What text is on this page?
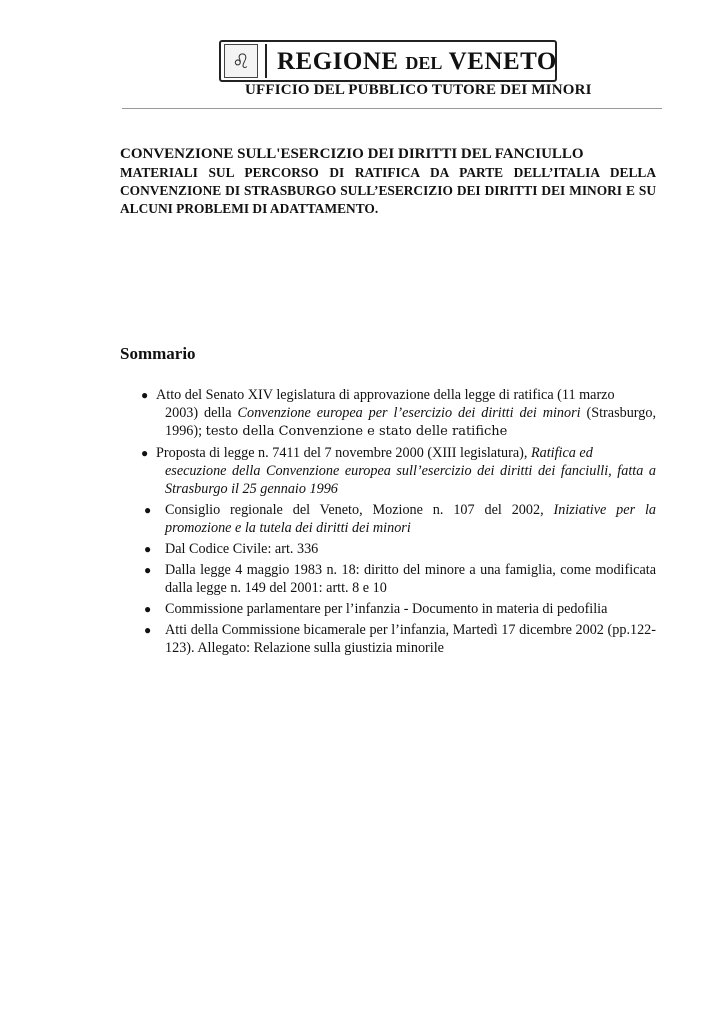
♌	REGIONE DEL VENETO
UFFICIO DEL PUBBLICO TUTORE DEI MINORI
CONVENZIONE SULL'ESERCIZIO DEI DIRITTI DEL FANCIULLO
MATERIALI SUL PERCORSO DI RATIFICA DA PARTE DELL’ITALIA DELLA CONVENZIONE DI STRASBURGO SULL’ESERCIZIO DEI DIRITTI DEI MINORI E SU ALCUNI PROBLEMI DI ADATTAMENTO.
Sommario
● Atto del Senato XIV legislatura di approvazione della legge di ratifica (11 marzo
2003) della Convenzione europea per l’esercizio dei diritti dei minori (Strasburgo, 1996); testo della Convenzione e stato delle ratifiche
● Proposta di legge n. 7411 del 7 novembre 2000 (XIII legislatura), Ratifica ed
esecuzione della Convenzione europea sull’esercizio dei diritti dei fanciulli, fatta a Strasburgo il 25 gennaio 1996
● Consiglio regionale del Veneto, Mozione n. 107 del 2002, Iniziative per la promozione e la tutela dei diritti dei minori
● Dal Codice Civile: art. 336
● Dalla legge 4 maggio 1983 n. 18: diritto del minore a una famiglia, come modificata dalla legge n. 149 del 2001: artt. 8 e 10
● Commissione parlamentare per l’infanzia - Documento in materia di pedofilia
● Atti della Commissione bicamerale per l’infanzia, Martedì 17 dicembre 2002 (pp.122-123). Allegato: Relazione sulla giustizia minorile
